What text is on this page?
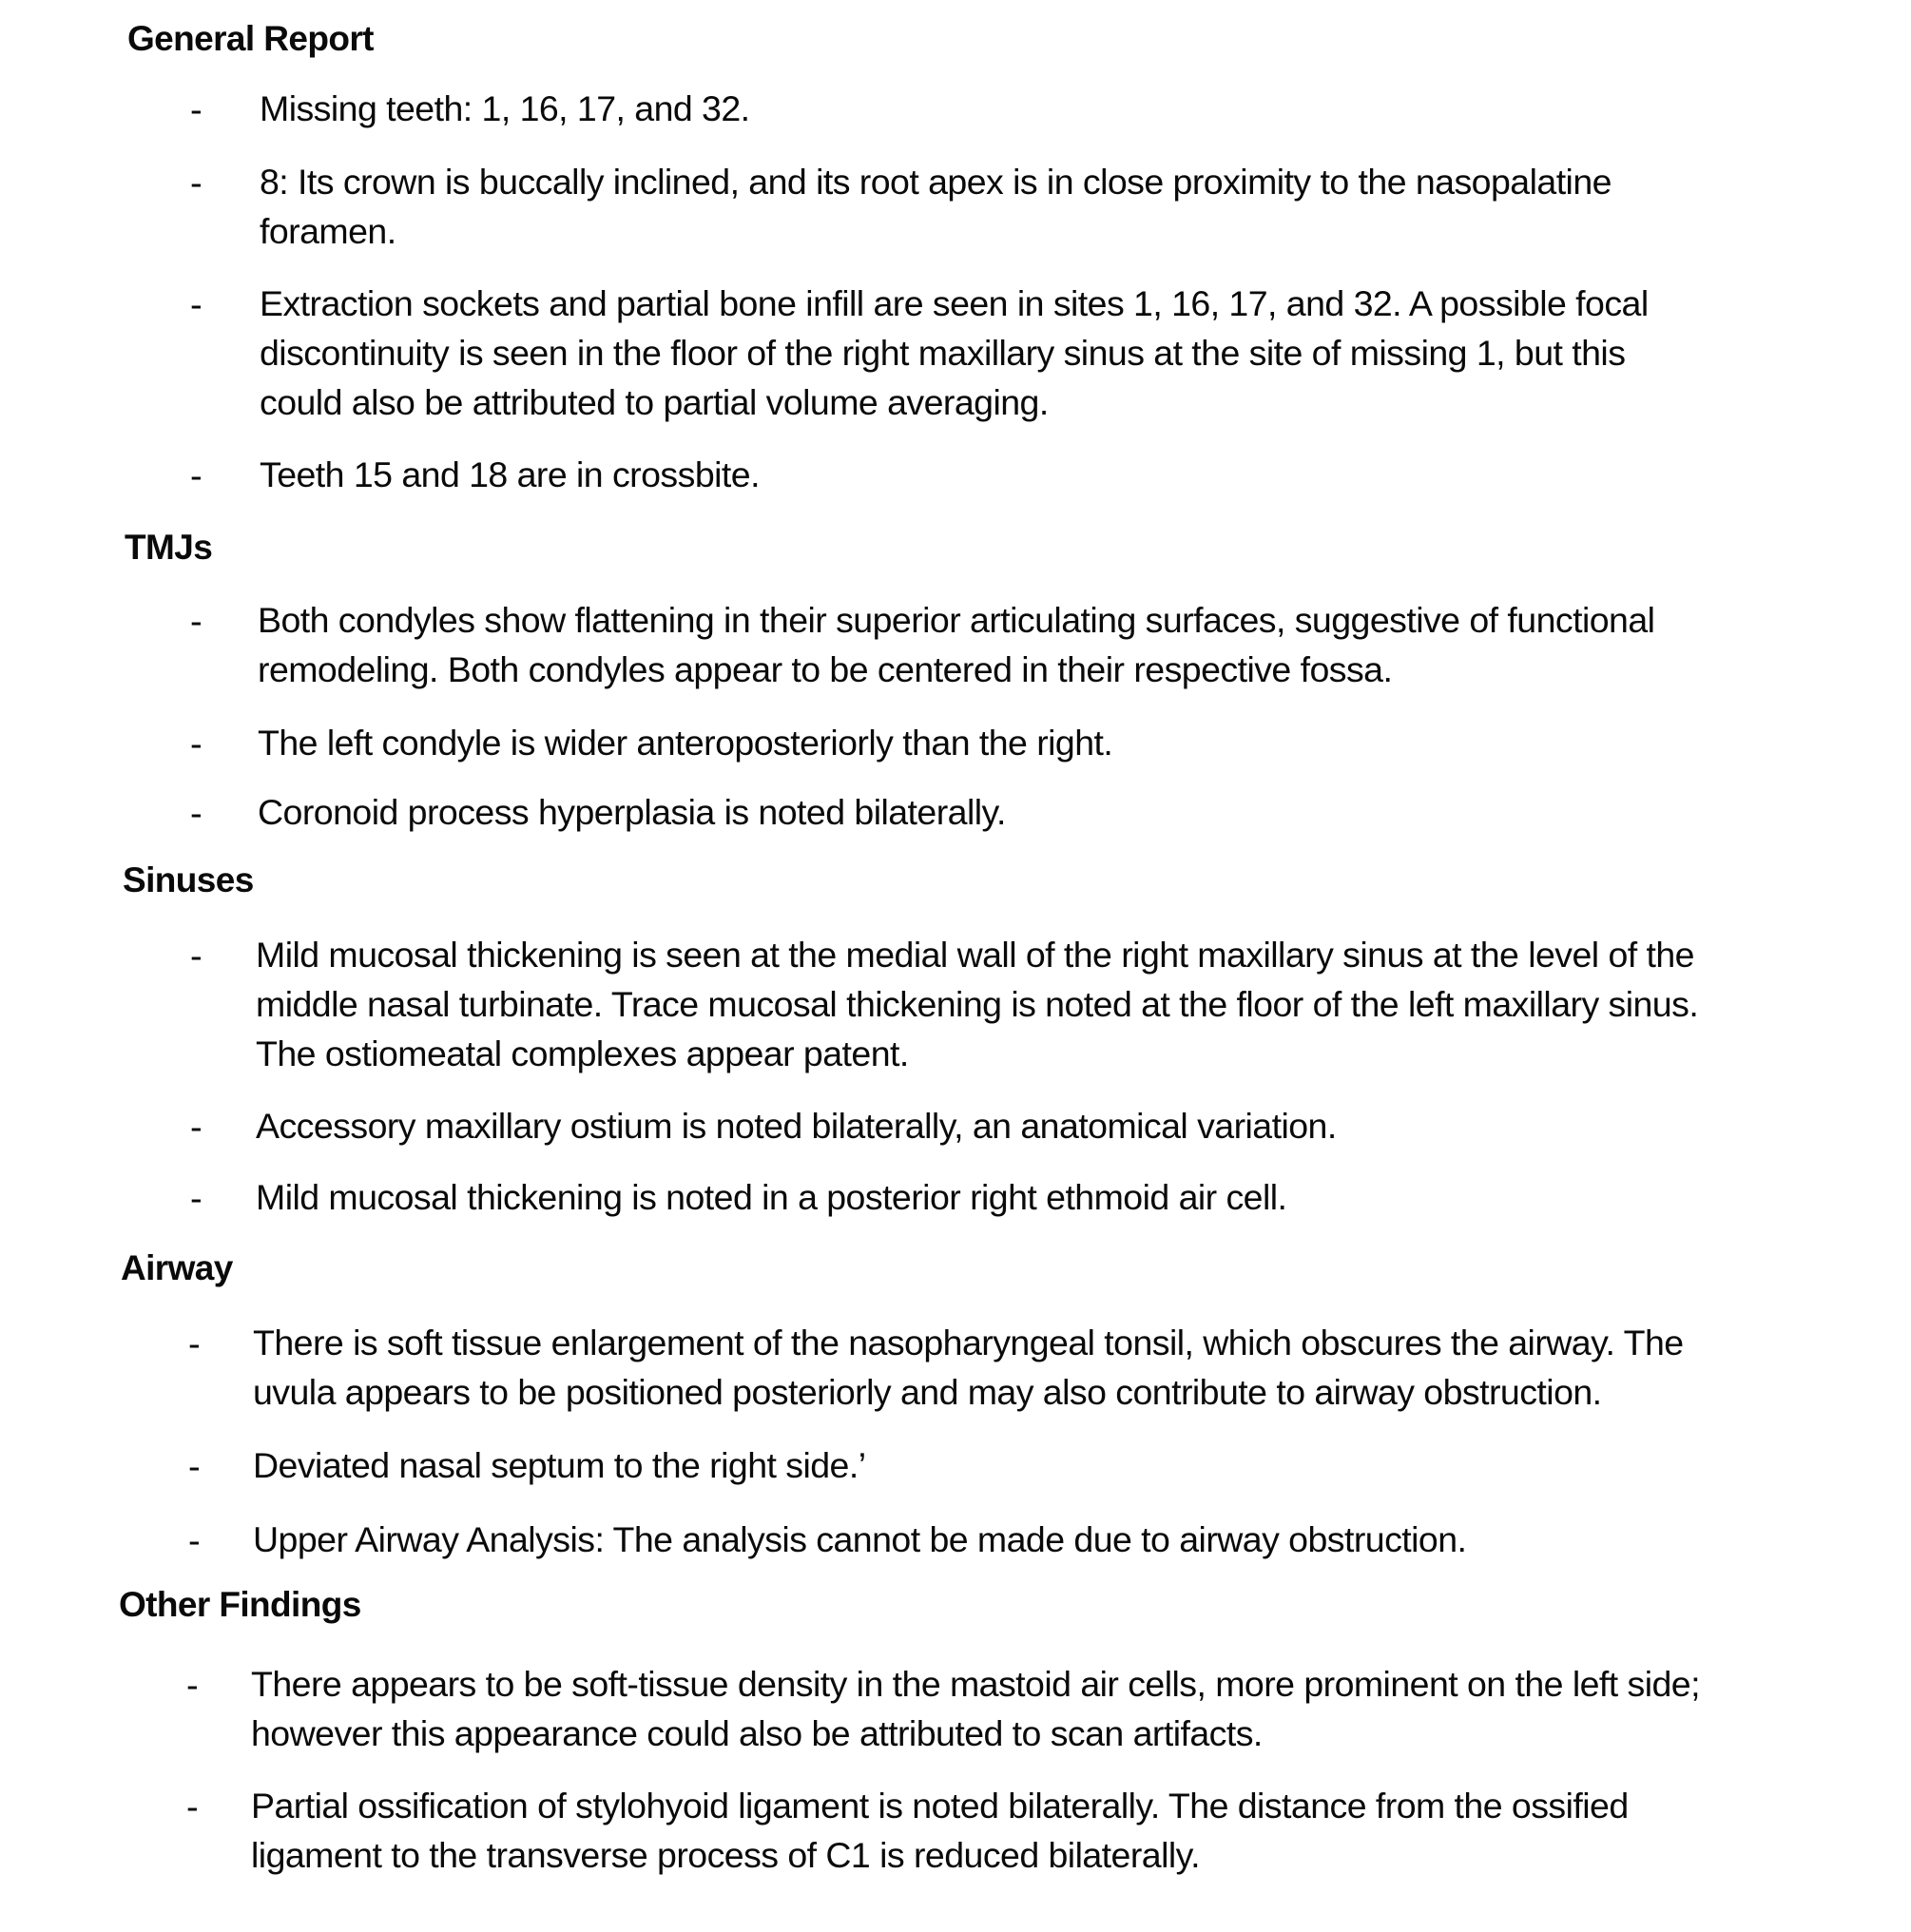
General Report
- Missing teeth: 1, 16, 17, and 32.
- 8: Its crown is buccally inclined, and its root apex is in close proximity to the nasopalatine
foramen.
- Extraction sockets and partial bone infill are seen in sites 1, 16, 17, and 32. A possible focal
discontinuity is seen in the floor of the right maxillary sinus at the site of missing 1, but this
could also be attributed to partial volume averaging.
- Teeth 15 and 18 are in crossbite.
TMJs
- Both condyles show flattening in their superior articulating surfaces, suggestive of functional
remodeling. Both condyles appear to be centered in their respective fossa.
- The left condyle is wider anteroposteriorly than the right.
- Coronoid process hyperplasia is noted bilaterally.
Sinuses
- Mild mucosal thickening is seen at the medial wall of the right maxillary sinus at the level of the
middle nasal turbinate. Trace mucosal thickening is noted at the floor of the left maxillary sinus.
The ostiomeatal complexes appear patent.
- Accessory maxillary ostium is noted bilaterally, an anatomical variation.
- Mild mucosal thickening is noted in a posterior right ethmoid air cell.
Airway
- There is soft tissue enlargement of the nasopharyngeal tonsil, which obscures the airway. The
uvula appears to be positioned posteriorly and may also contribute to airway obstruction.
- Deviated nasal septum to the right side.’
- Upper Airway Analysis: The analysis cannot be made due to airway obstruction.
Other Findings
- There appears to be soft-tissue density in the mastoid air cells, more prominent on the left side;
however this appearance could also be attributed to scan artifacts.
- Partial ossification of stylohyoid ligament is noted bilaterally. The distance from the ossified
ligament to the transverse process of C1 is reduced bilaterally.
